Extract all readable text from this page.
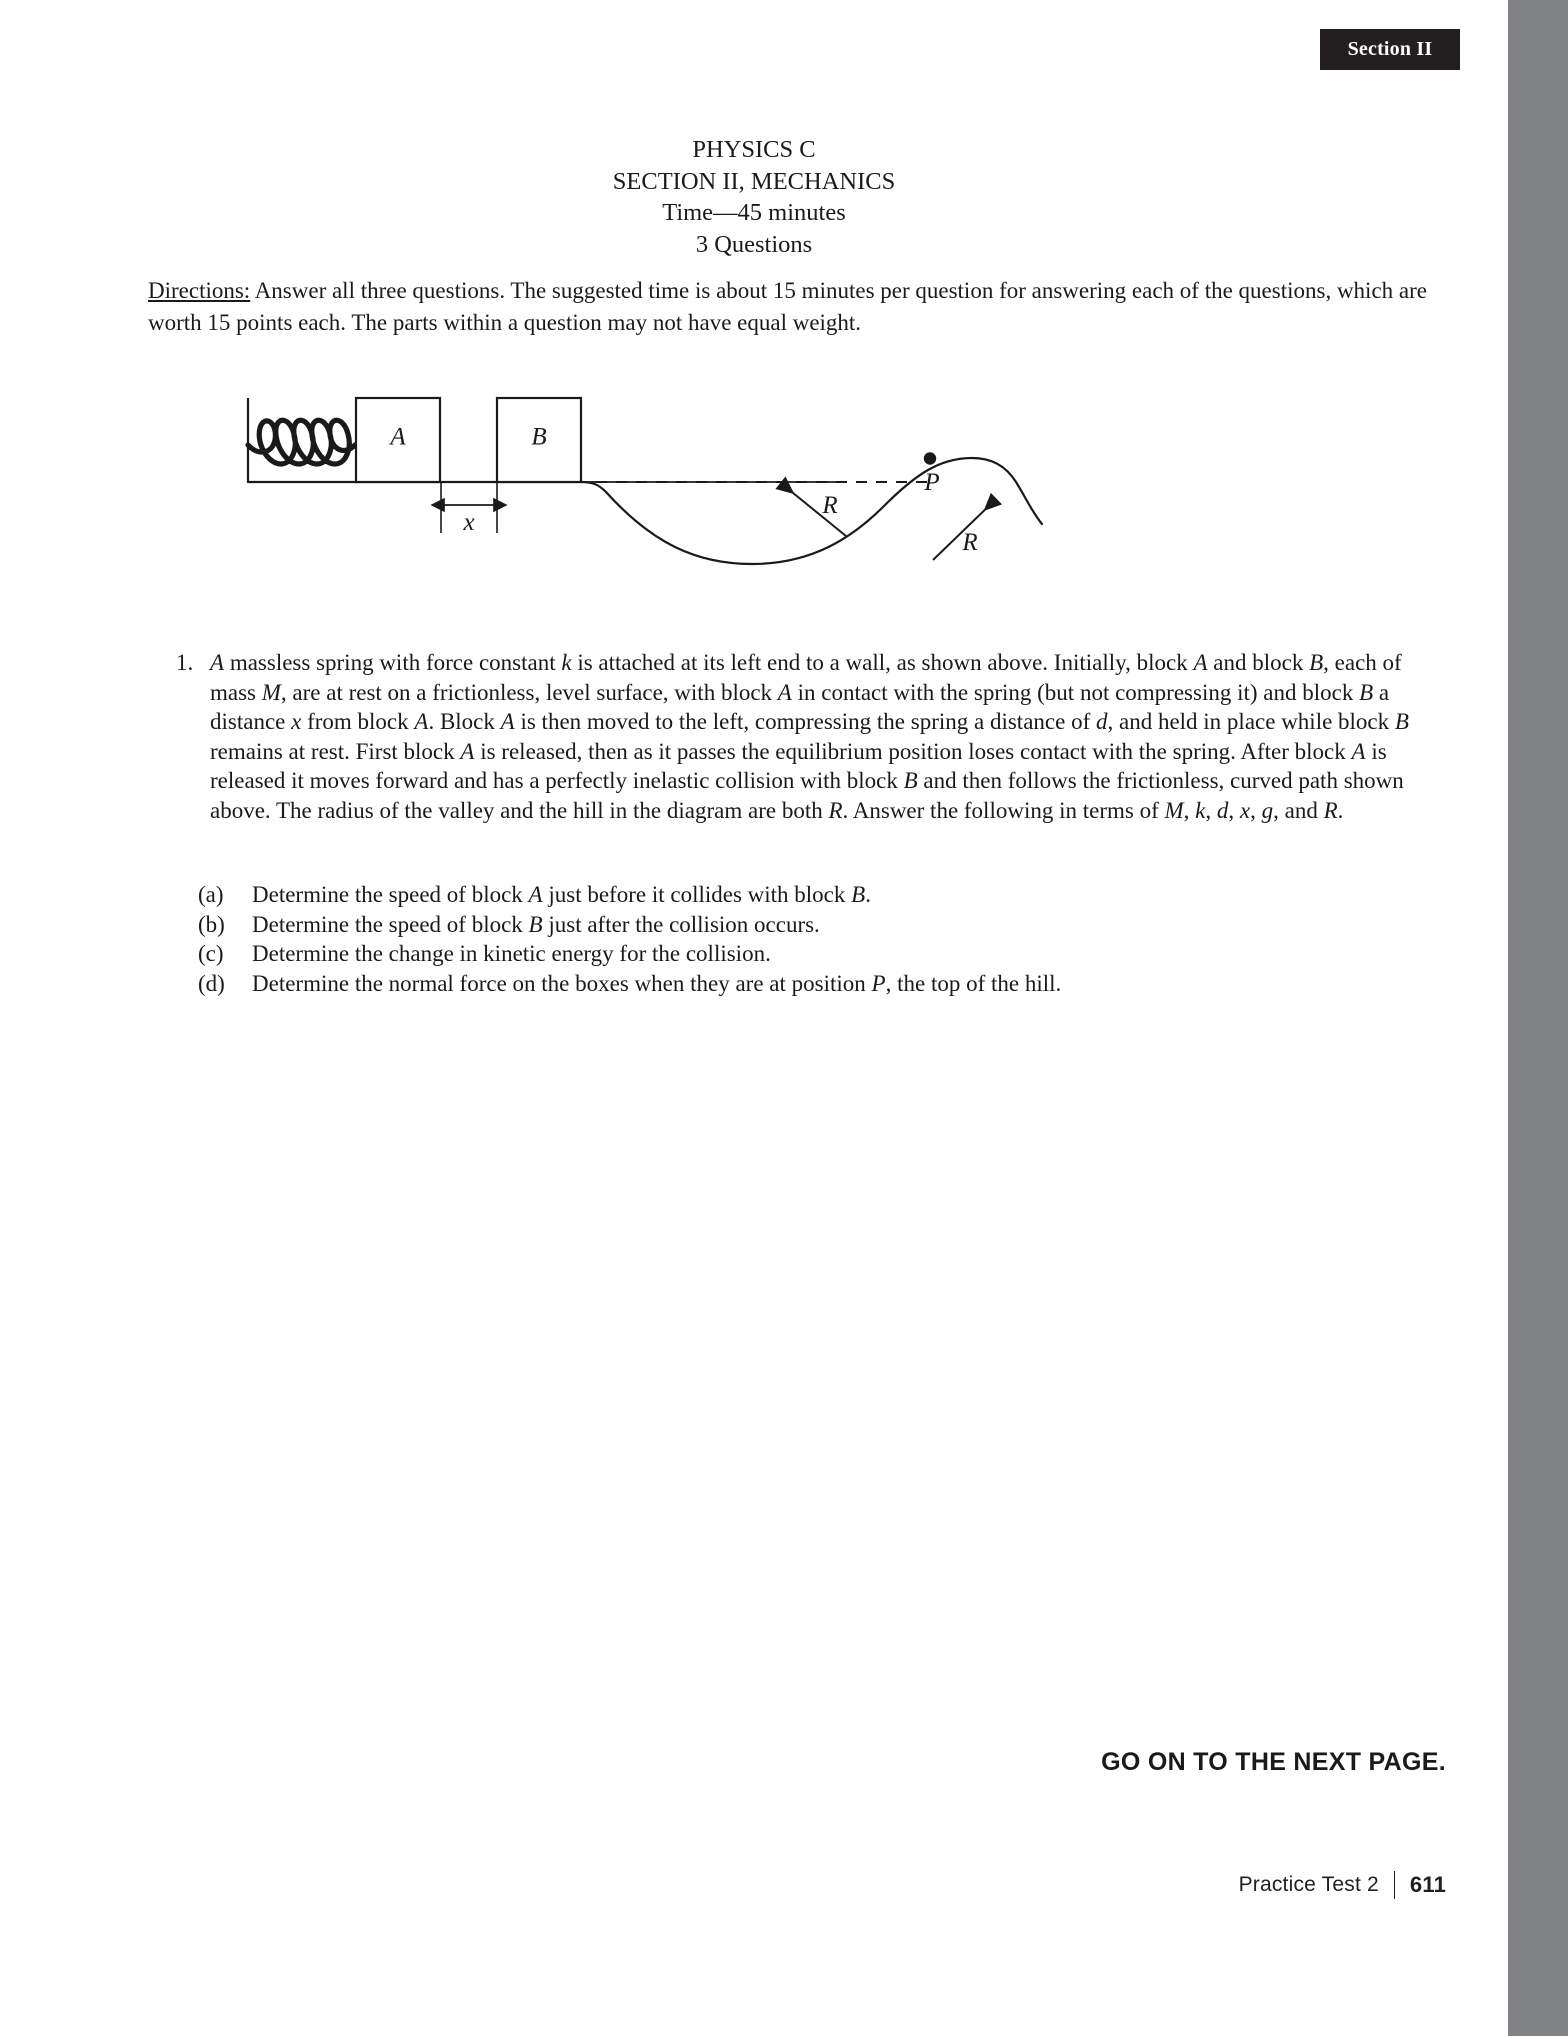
Section II
PHYSICS C
SECTION II, MECHANICS
Time—45 minutes
3 Questions
Directions: Answer all three questions. The suggested time is about 15 minutes per question for answering each of the questions, which are worth 15 points each. The parts within a question may not have equal weight.
A	B
x
P
R
R
1. A massless spring with force constant k is attached at its left end to a wall, as shown above. Initially, block A and block B, each of mass M, are at rest on a frictionless, level surface, with block A in contact with the spring (but not compressing it) and block B a distance x from block A. Block A is then moved to the left, compressing the spring a distance of d, and held in place while block B remains at rest. First block A is released, then as it passes the equilibrium position loses contact with the spring. After block A is released it moves forward and has a perfectly inelastic collision with block B and then follows the frictionless, curved path shown above. The radius of the valley and the hill in the diagram are both R. Answer the following in terms of M, k, d, x, g, and R.
(a)	Determine the speed of block A just before it collides with block B.
(b)	Determine the speed of block B just after the collision occurs.
(c)	Determine the change in kinetic energy for the collision.
(d)	Determine the normal force on the boxes when they are at position P, the top of the hill.
GO ON TO THE NEXT PAGE.
Practice Test 2 611
